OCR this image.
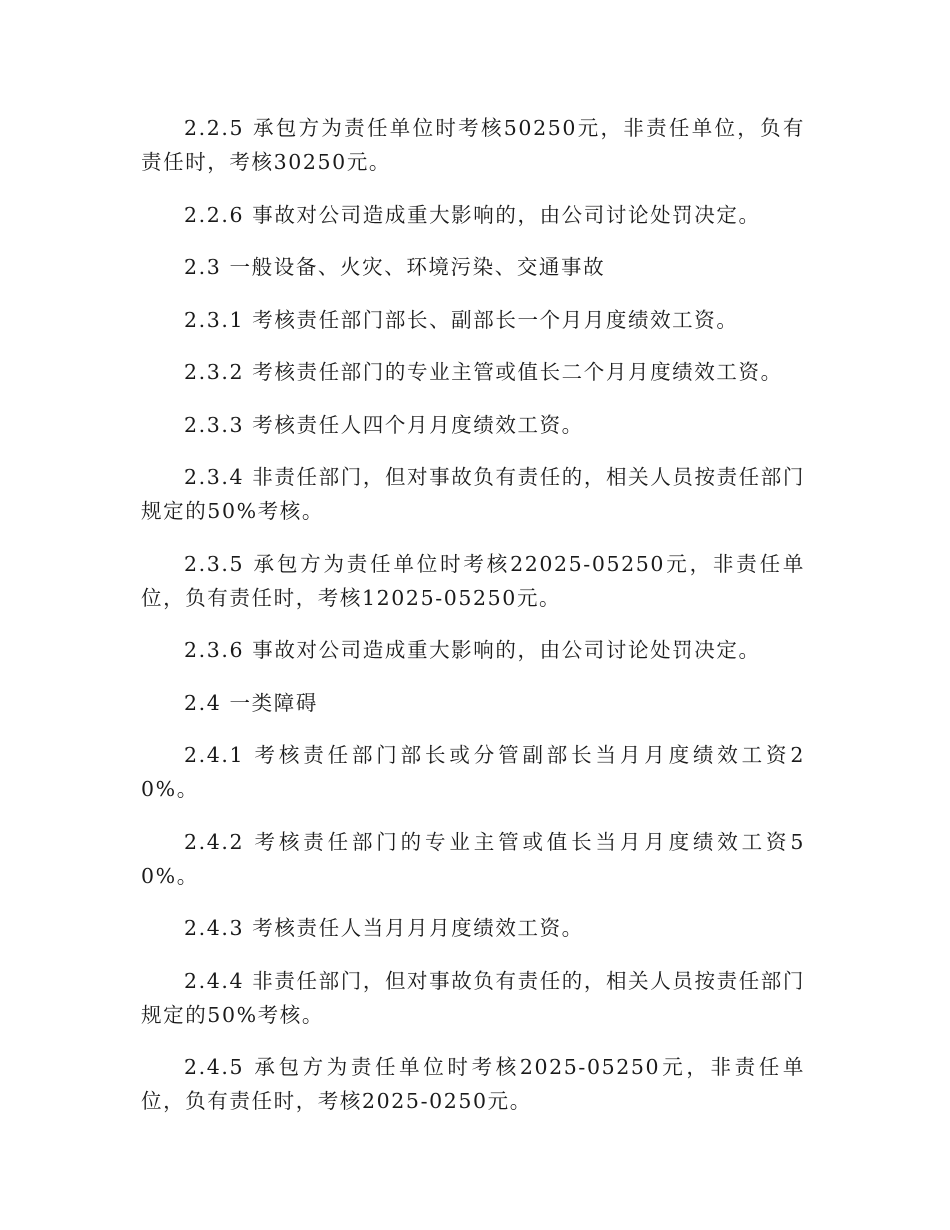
2.2.5 承包方为责任单位时考核50250元，非责任单位，负有责任时，考核30250元。

2.2.6 事故对公司造成重大影响的，由公司讨论处罚决定。

2.3 一般设备、火灾、环境污染、交通事故

2.3.1 考核责任部门部长、副部长一个月月度绩效工资。

2.3.2 考核责任部门的专业主管或值长二个月月度绩效工资。

2.3.3 考核责任人四个月月度绩效工资。

2.3.4 非责任部门，但对事故负有责任的，相关人员按责任部门规定的50%考核。

2.3.5 承包方为责任单位时考核22025-05250元，非责任单位，负有责任时，考核12025-05250元。

2.3.6 事故对公司造成重大影响的，由公司讨论处罚决定。

2.4 一类障碍

2.4.1 考核责任部门部长或分管副部长当月月度绩效工资20%。

2.4.2 考核责任部门的专业主管或值长当月月度绩效工资50%。

2.4.3 考核责任人当月月月度绩效工资。

2.4.4 非责任部门，但对事故负有责任的，相关人员按责任部门规定的50%考核。

2.4.5 承包方为责任单位时考核2025-05250元，非责任单位，负有责任时，考核2025-0250元。
